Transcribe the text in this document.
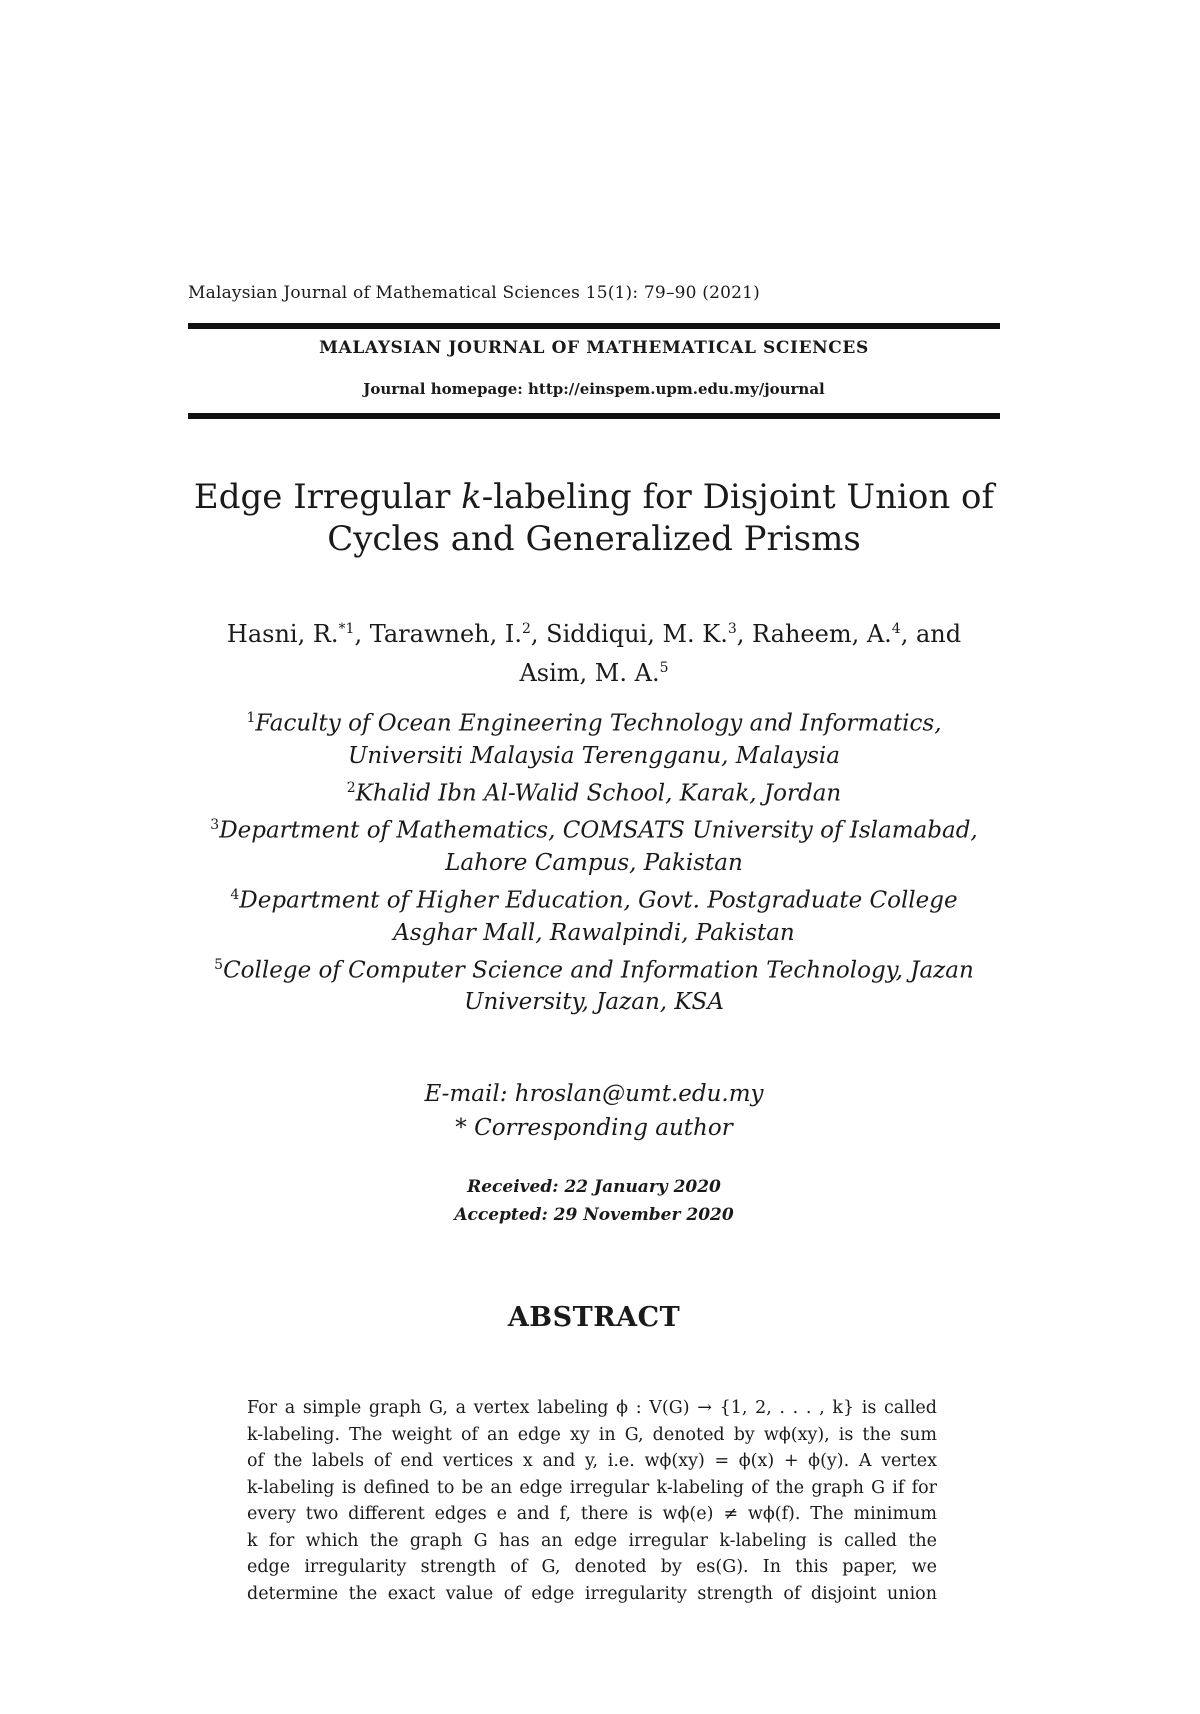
Malaysian Journal of Mathematical Sciences 15(1): 79–90 (2021)
MALAYSIAN JOURNAL OF MATHEMATICAL SCIENCES
Journal homepage: http://einspem.upm.edu.my/journal
Edge Irregular k-labeling for Disjoint Union of
Cycles and Generalized Prisms
Hasni, R.$^{*1}$, Tarawneh, I.$^2$, Siddiqui, M. K.$^3$, Raheem, A.$^4$, and
Asim, M. A.$^5$
$^1$Faculty of Ocean Engineering Technology and Informatics,
Universiti Malaysia Terengganu, Malaysia
$^2$Khalid Ibn Al-Walid School, Karak, Jordan
$^3$Department of Mathematics, COMSATS University of Islamabad,
Lahore Campus, Pakistan
$^4$Department of Higher Education, Govt. Postgraduate College
Asghar Mall, Rawalpindi, Pakistan
$^5$College of Computer Science and Information Technology, Jazan
University, Jazan, KSA
E-mail: hroslan@umt.edu.my
* Corresponding author
Received: 22 January 2020
Accepted: 29 November 2020
ABSTRACT
For a simple graph G, a vertex labeling ϕ : V(G) → {1, 2, . . . , k} is called
k-labeling. The weight of an edge xy in G, denoted by wϕ(xy), is the sum
of the labels of end vertices x and y, i.e. wϕ(xy) = ϕ(x) + ϕ(y). A vertex
k-labeling is defined to be an edge irregular k-labeling of the graph G if for
every two different edges e and f, there is wϕ(e) ≠ wϕ(f). The minimum
k for which the graph G has an edge irregular k-labeling is called the
edge irregularity strength of G, denoted by es(G). In this paper, we
determine the exact value of edge irregularity strength of disjoint union
